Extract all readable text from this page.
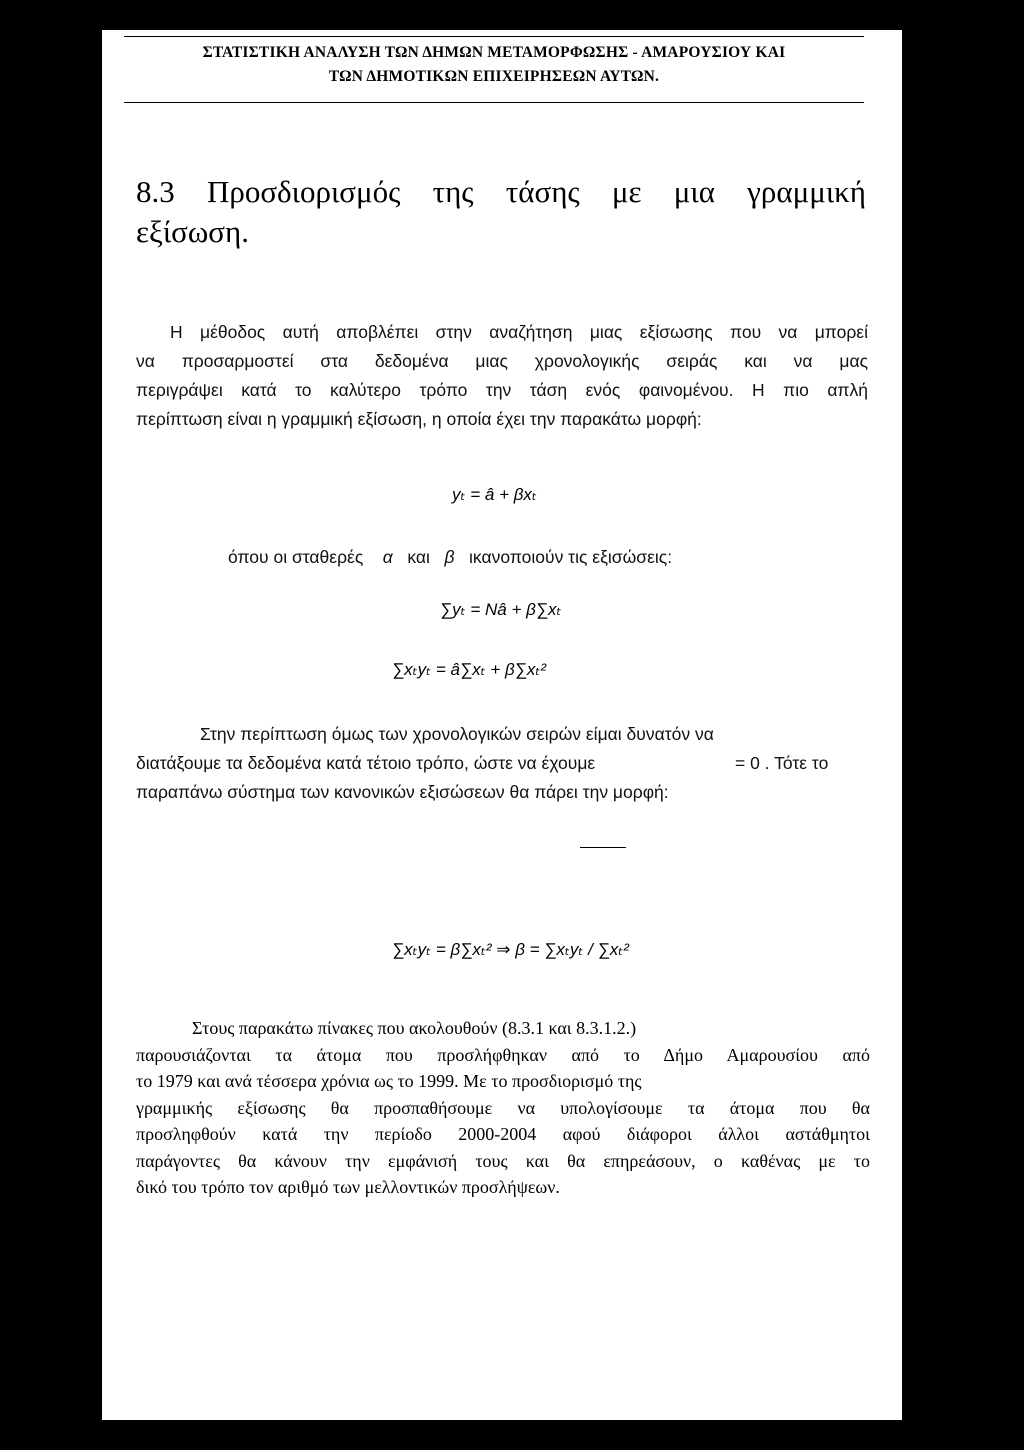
ΣΤΑΤΙΣΤΙΚΗ ΑΝΑΛΥΣΗ ΤΩΝ ΔΗΜΩΝ ΜΕΤΑΜΟΡΦΩΣΗΣ - ΑΜΑΡΟΥΣΙΟΥ ΚΑΙ
ΤΩΝ ΔΗΜΟΤΙΚΩΝ ΕΠΙΧΕΙΡΗΣΕΩΝ ΑΥΤΩΝ.
8.3 Προσδιορισμός της τάσης με μια γραμμική
εξίσωση.
Η μέθοδος αυτή αποβλέπει στην αναζήτηση μιας εξίσωσης που να μπορεί
να προσαρμοστεί στα δεδομένα μιας χρονολογικής σειράς και να μας
περιγράψει κατά το καλύτερο τρόπο την τάση ενός φαινομένου. Η πιο απλή
περίπτωση είναι η γραμμική εξίσωση, η οποία έχει την παρακάτω μορφή:
yₜ = â + βxₜ
όπου οι σταθερές α και β ικανοποιούν τις εξισώσεις:
∑yₜ = Nâ + β∑xₜ
∑xₜyₜ = â∑xₜ + β∑xₜ²
Στην περίπτωση όμως των χρονολογικών σειρών είμαι δυνατόν να
διατάξουμε τα δεδομένα κατά τέτοιο τρόπο, ώστε να έχουμε	= 0 . Τότε το
παραπάνω σύστημα των κανονικών εξισώσεων θα πάρει την μορφή:
∑xₜyₜ = β∑xₜ² ⇒ β = ∑xₜyₜ / ∑xₜ²
Στους παρακάτω πίνακες που ακολουθούν (8.3.1 και 8.3.1.2.)
παρουσιάζονται τα άτομα που προσλήφθηκαν από το Δήμο Αμαρουσίου από
το 1979 και ανά τέσσερα χρόνια ως το 1999. Με το προσδιορισμό της
γραμμικής εξίσωσης θα προσπαθήσουμε να υπολογίσουμε τα άτομα που θα
προσληφθούν κατά την περίοδο 2000-2004 αφού διάφοροι άλλοι αστάθμητοι
παράγοντες θα κάνουν την εμφάνισή τους και θα επηρεάσουν, ο καθένας με το
δικό του τρόπο τον αριθμό των μελλοντικών προσλήψεων.
